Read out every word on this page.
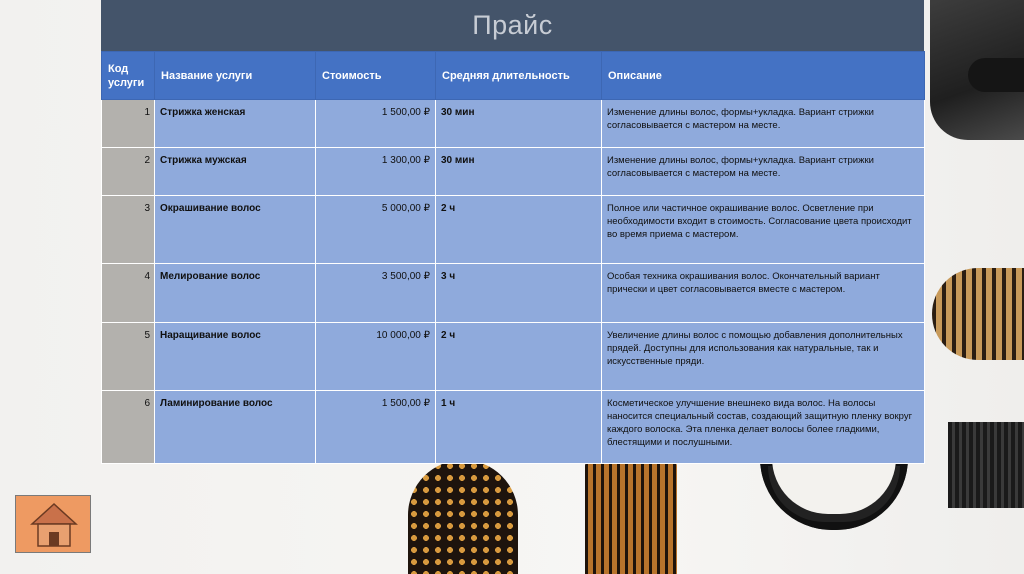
Прайс
Код услуги	Название услуги	Стоимость	Средняя длительность	Описание
1	Стрижка женская	1 500,00 ₽	30 мин	Изменение длины волос, формы+укладка. Вариант стрижки согласовывается с мастером на месте.
2	Стрижка мужская	1 300,00 ₽	30 мин	Изменение длины волос, формы+укладка. Вариант стрижки согласовывается с мастером на месте.
3	Окрашивание волос	5 000,00 ₽	2 ч	Полное или частичное окрашивание волос. Осветление при необходимости входит в стоимость. Согласование цвета происходит во время приема с мастером.
4	Мелирование волос	3 500,00 ₽	3 ч	Особая техника окрашивания волос. Окончательный вариант прически и цвет согласовывается вместе с мастером.
5	Наращивание волос	10 000,00 ₽	2 ч	Увеличение длины волос с помощью добавления дополнительных прядей. Доступны для использования как натуральные, так и искусственные пряди.
6	Ламинирование волос	1 500,00 ₽	1 ч	Косметическое улучшение внешнеко вида волос. На волосы наносится специальный состав, создающий защитную пленку вокруг каждого волоска. Эта пленка делает волосы более гладкими, блестящими и послушными.
